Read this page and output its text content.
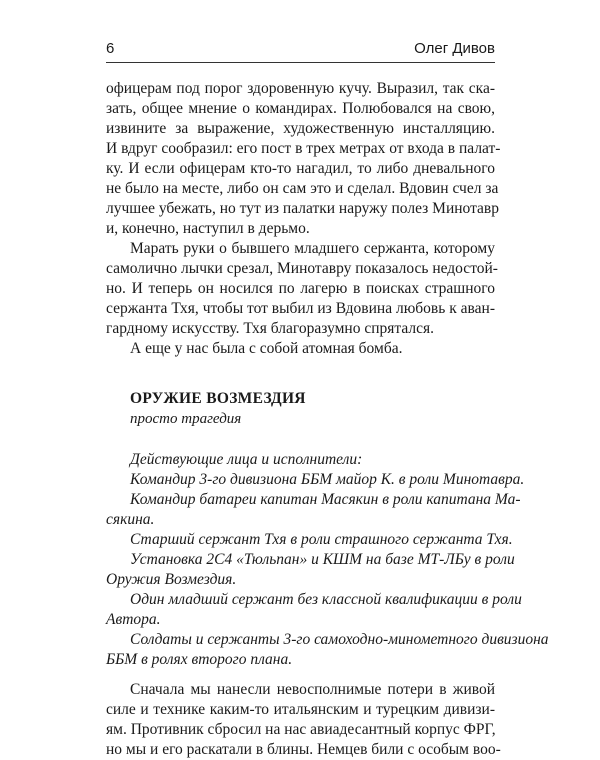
6	Олег Дивов
офицерам под порог здоровенную кучу. Выразил, так ска-
зать, общее мнение о командирах. Полюбовался на свою,
извините за выражение, художественную инсталляцию.
И вдруг сообразил: его пост в трех метрах от входа в палат-
ку. И если офицерам кто-то нагадил, то либо дневального
не было на месте, либо он сам это и сделал. Вдовин счел за
лучшее убежать, но тут из палатки наружу полез Минотавр
и, конечно, наступил в дерьмо.
Марать руки о бывшего младшего сержанта, которому
самолично лычки срезал, Минотавру показалось недостой-
но. И теперь он носился по лагерю в поисках страшного
сержанта Тхя, чтобы тот выбил из Вдовина любовь к аван-
гардному искусству. Тхя благоразумно спрятался.
А еще у нас была с собой атомная бомба.
ОРУЖИЕ ВОЗМЕЗДИЯ
просто трагедия
Действующие лица и исполнители:
Командир 3-го дивизиона ББМ майор К. в роли Минотавра.
Командир батареи капитан Масякин в роли капитана Ма-
сякина.
Старший сержант Тхя в роли страшного сержанта Тхя.
Установка 2С4 «Тюльпан» и КШМ на базе МТ-ЛБу в роли
Оружия Возмездия.
Один младший сержант без классной квалификации в роли
Автора.
Солдаты и сержанты 3-го самоходно-минометного дивизиона
ББМ в ролях второго плана.
Сначала мы нанесли невосполнимые потери в живой
силе и технике каким-то итальянским и турецким дивизи-
ям. Противник сбросил на нас авиадесантный корпус ФРГ,
но мы и его раскатали в блины. Немцев били с особым воо-
